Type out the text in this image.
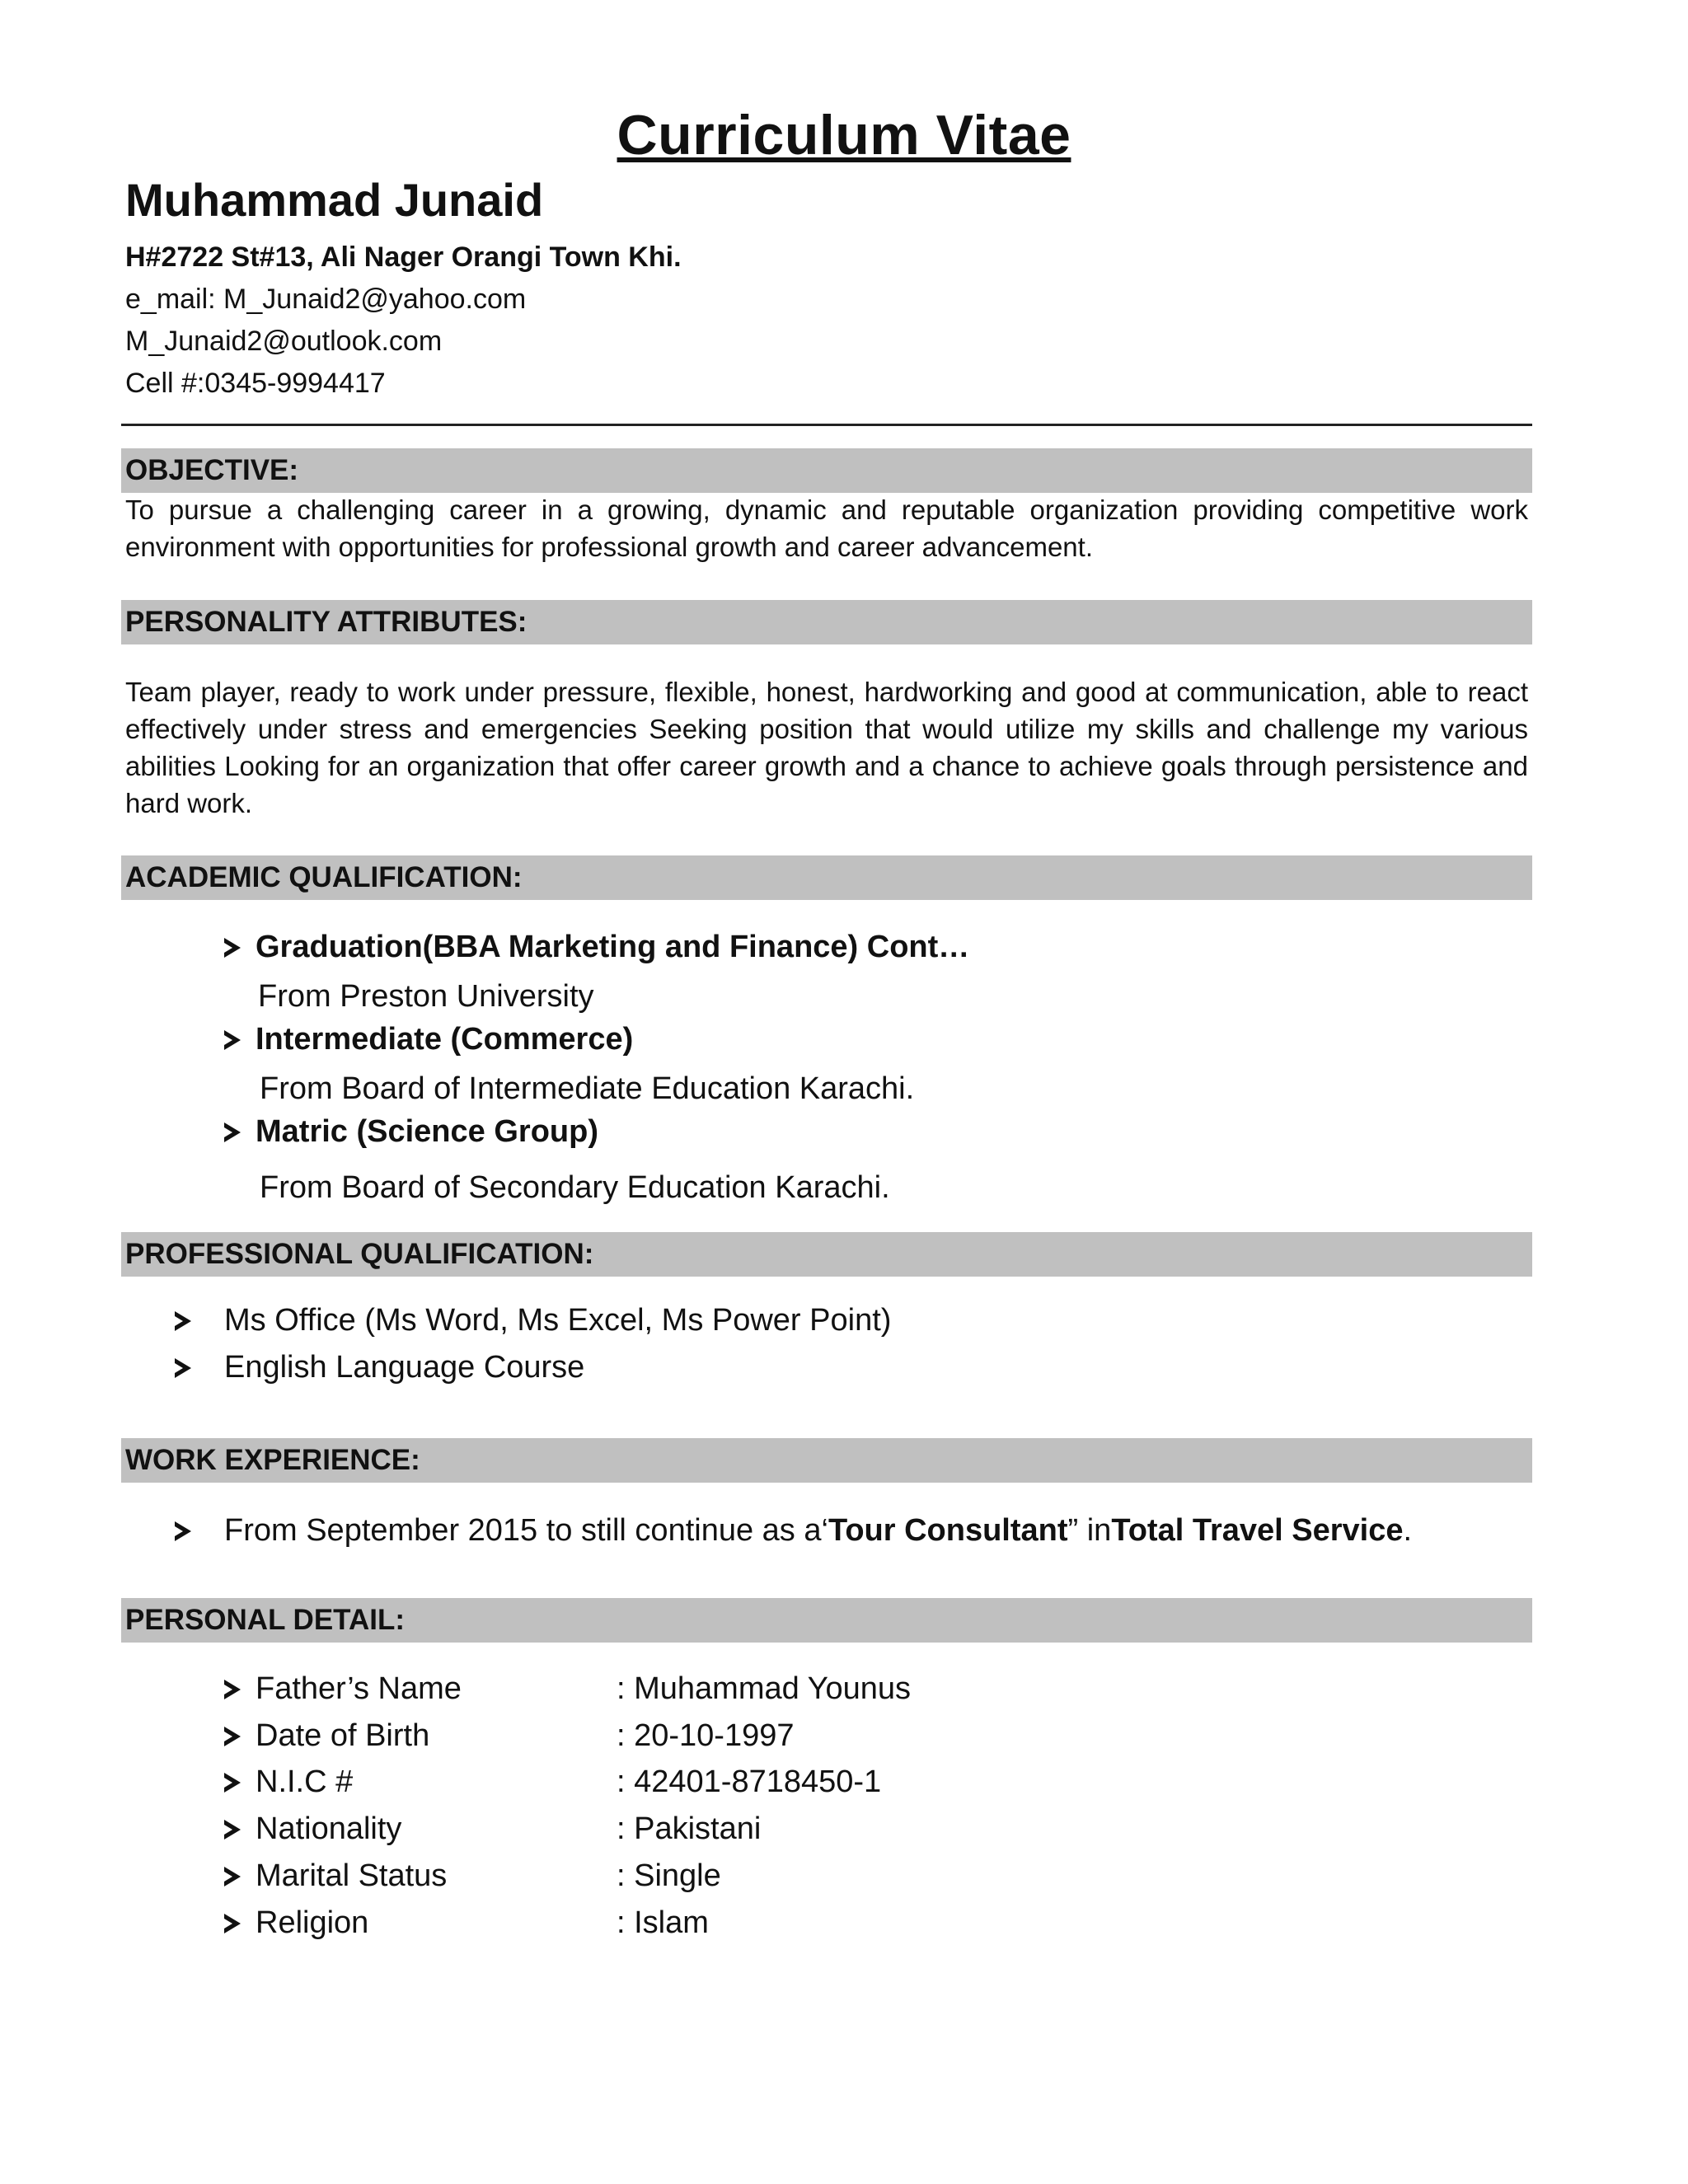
Curriculum Vitae
Muhammad Junaid
H#2722 St#13, Ali Nager Orangi Town Khi.
e_mail: M_Junaid2@yahoo.com
M_Junaid2@outlook.com
Cell #:0345-9994417
OBJECTIVE:
To pursue a challenging career in a growing, dynamic and reputable organization providing competitive work environment with opportunities for professional growth and career advancement.
PERSONALITY ATTRIBUTES:
Team player, ready to work under pressure, flexible, honest, hardworking and good at communication, able to react effectively under stress and emergencies Seeking position that would utilize my skills and challenge my various abilities Looking for an organization that offer career growth and a chance to achieve goals through persistence and hard work.
ACADEMIC QUALIFICATION:
Graduation(BBA Marketing and Finance) Cont…
From Preston University
Intermediate (Commerce)
From Board of Intermediate Education Karachi.
Matric (Science Group)
From Board of Secondary Education Karachi.
PROFESSIONAL QUALIFICATION:
Ms Office (Ms Word, Ms Excel, Ms Power Point)
English Language Course
WORK EXPERIENCE:
From September 2015 to still continue as a‘ Tour Consultant ” in Total Travel Service .
PERSONAL DETAIL:
Father’s Name	: Muhammad Younus
Date of Birth	: 20-10-1997
N.I.C #	: 42401-8718450-1
Nationality	: Pakistani
Marital Status	: Single
Religion	: Islam
